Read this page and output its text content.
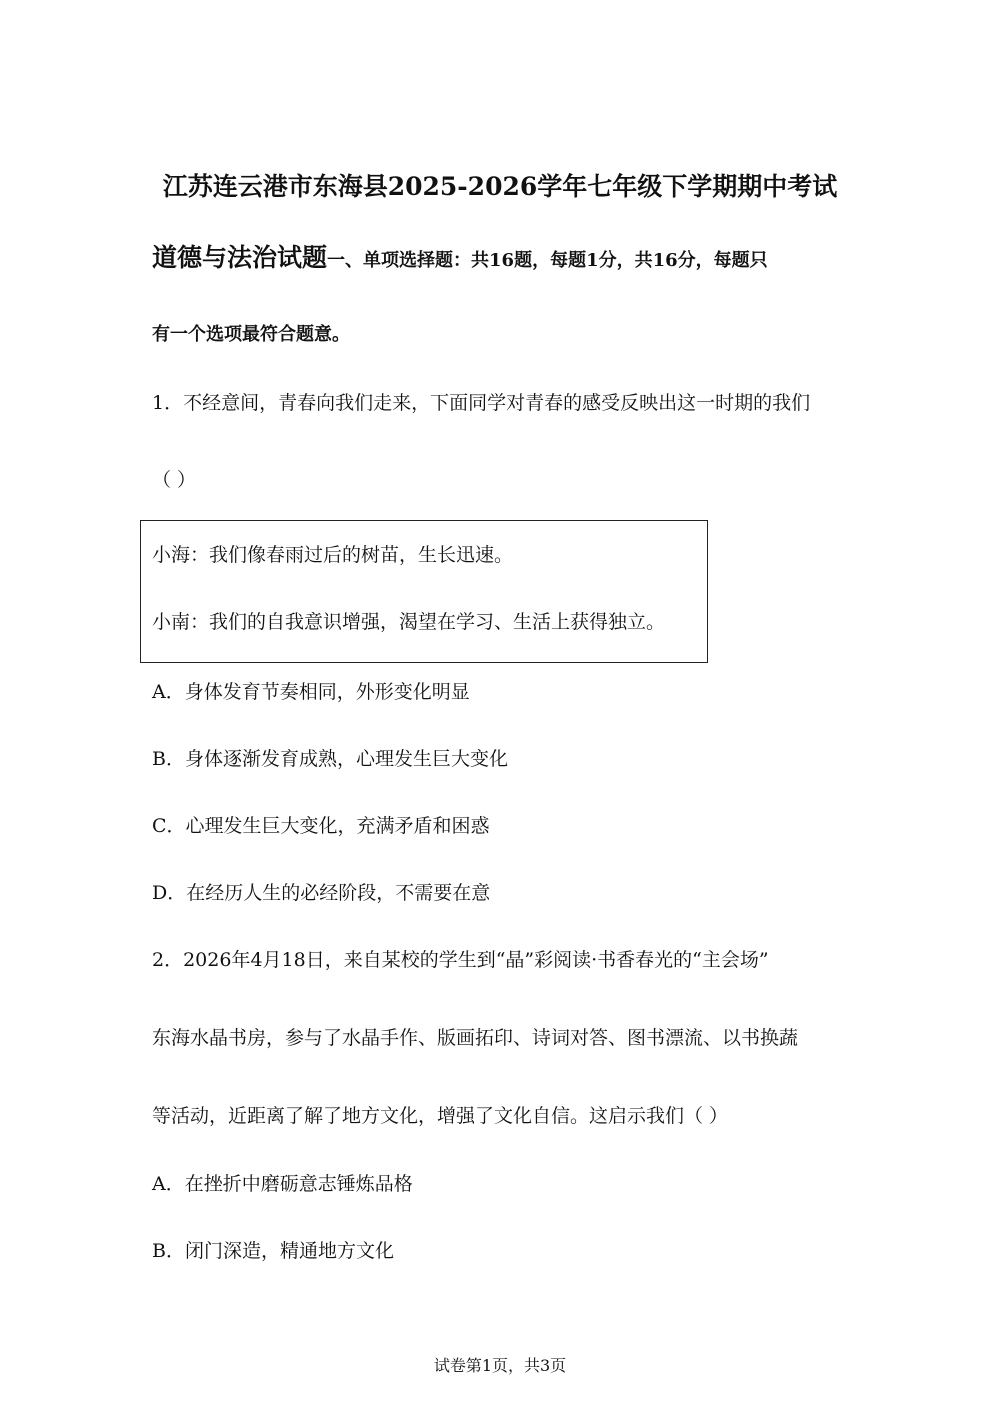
江苏连云港市东海县2025-2026学年七年级下学期期中考试
道德与法治试题一、单项选择题：共16题，每题1分，共16分，每题只
有一个选项最符合题意。
1．不经意间，青春向我们走来，下面同学对青春的感受反映出这一时期的我们
（ ）
小海：我们像春雨过后的树苗，生长迅速。
小南：我们的自我意识增强，渴望在学习、生活上获得独立。
A．身体发育节奏相同，外形变化明显
B．身体逐渐发育成熟，心理发生巨大变化
C．心理发生巨大变化，充满矛盾和困惑
D．在经历人生的必经阶段，不需要在意
2．2026年4月18日，来自某校的学生到“晶”彩阅读·书香春光的“主会场”
东海水晶书房，参与了水晶手作、版画拓印、诗词对答、图书漂流、以书换蔬
等活动，近距离了解了地方文化，增强了文化自信。这启示我们（ ）
A．在挫折中磨砺意志锤炼品格
B．闭门深造，精通地方文化
试卷第1页，共3页
